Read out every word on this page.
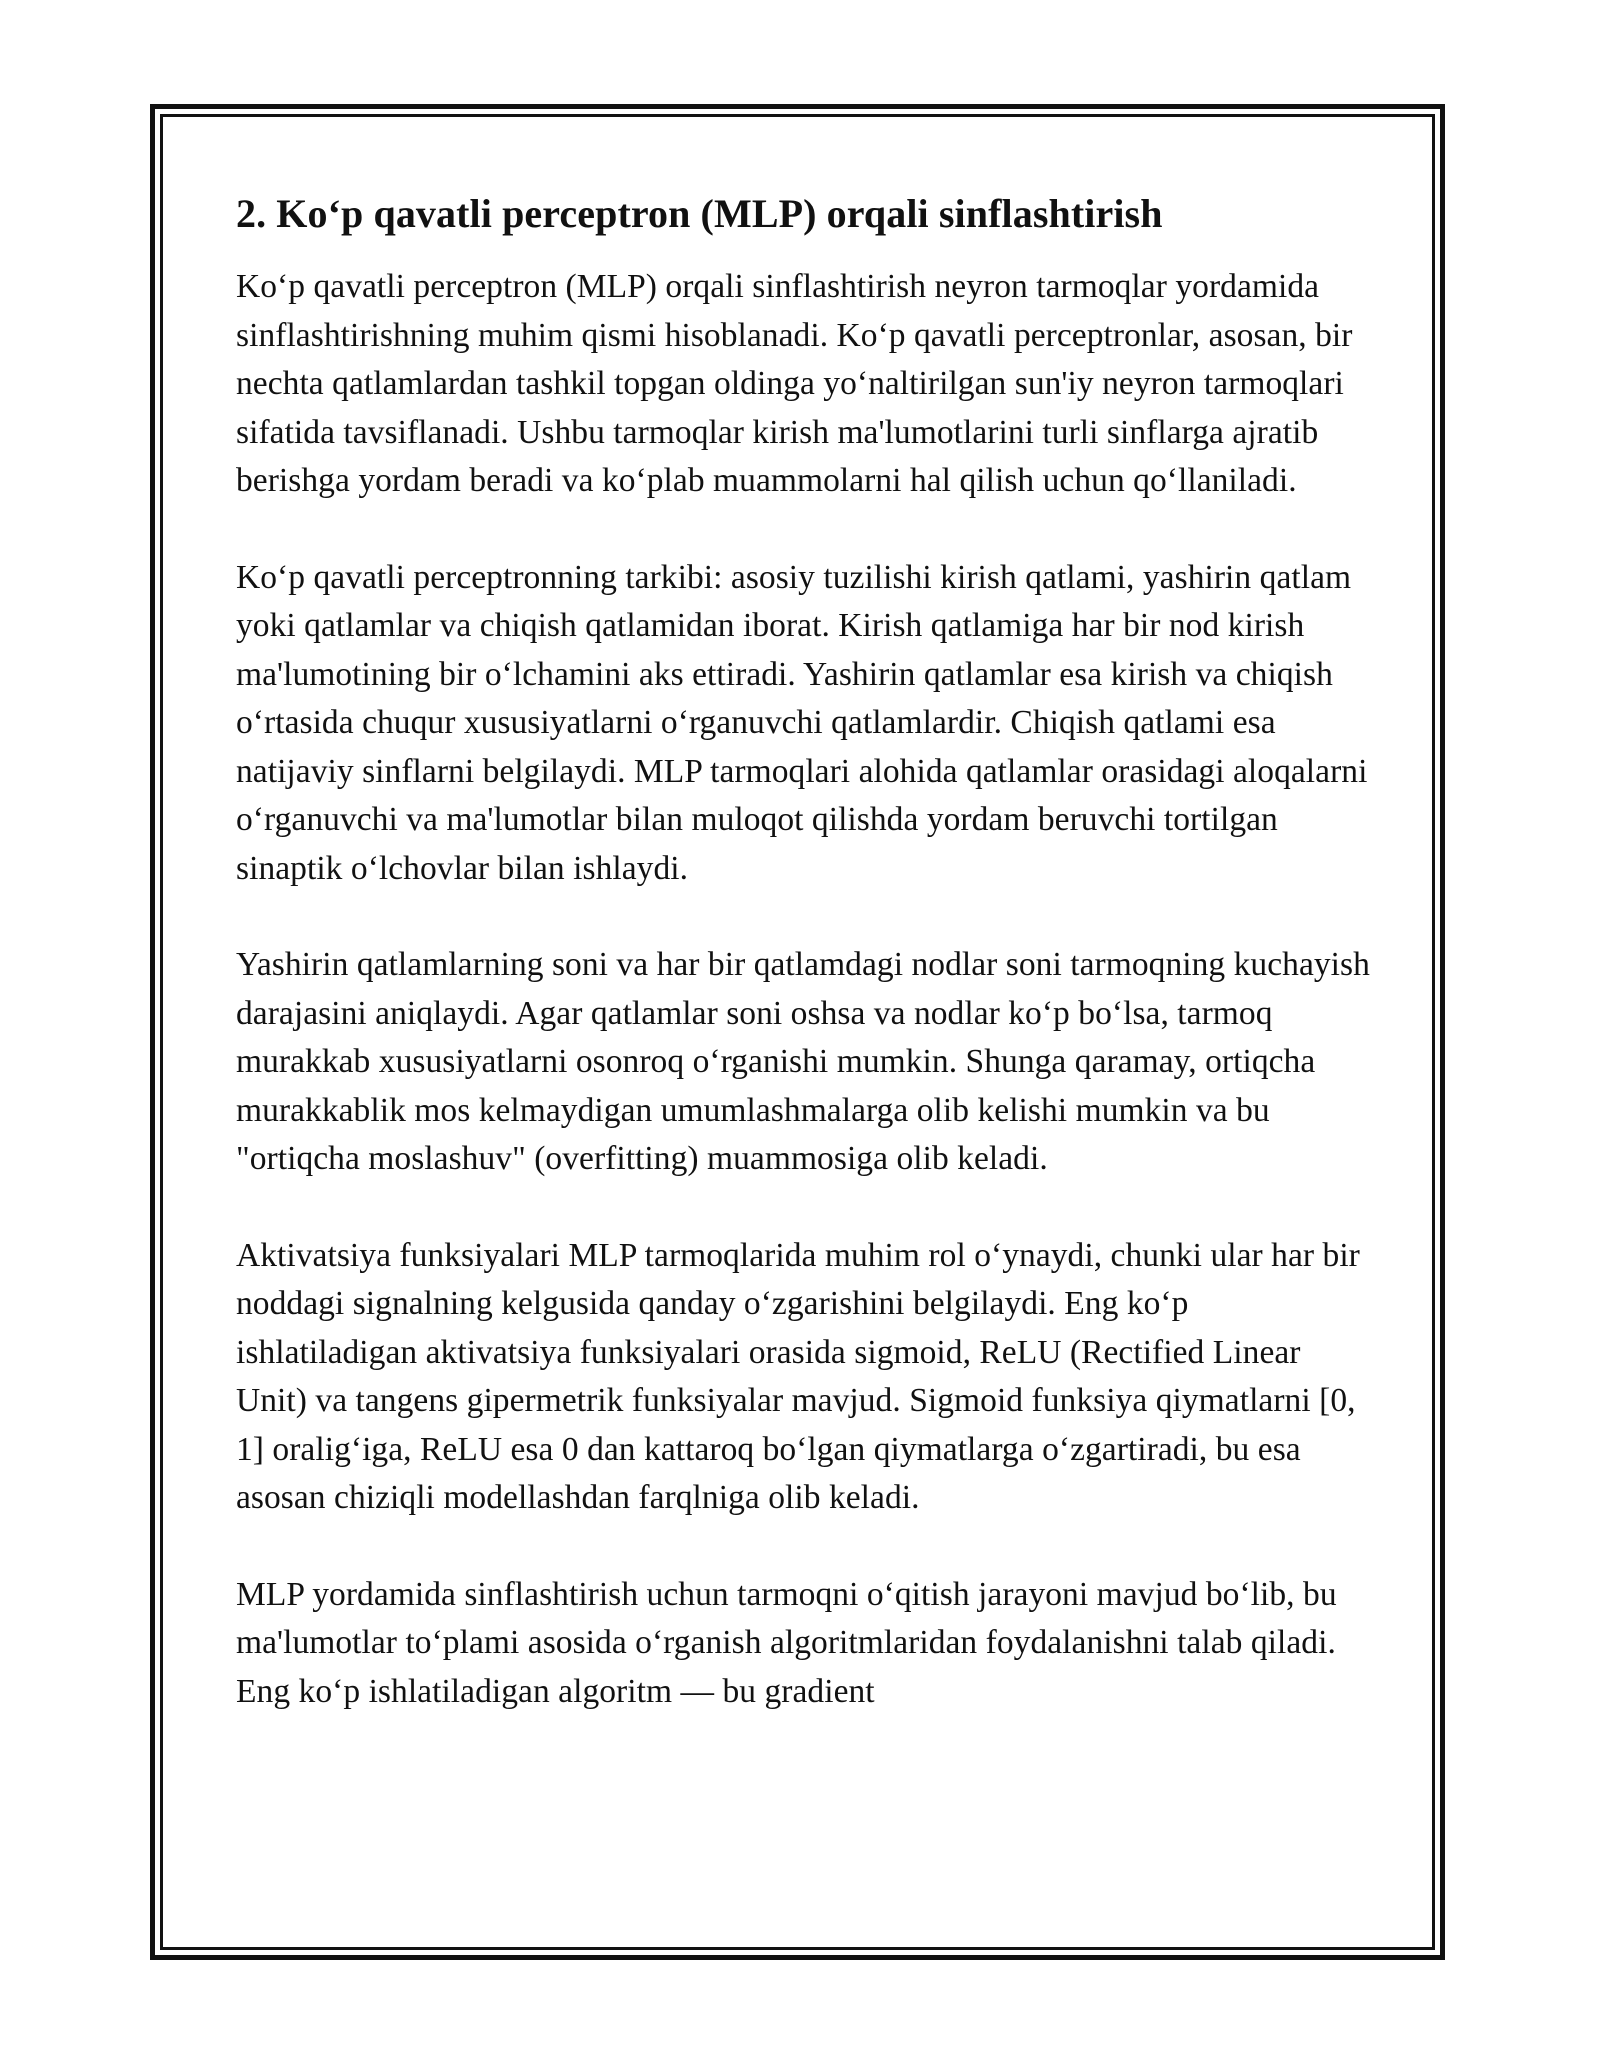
2. Ko‘p qavatli perceptron (MLP) orqali sinflashtirish

Ko‘p qavatli perceptron (MLP) orqali sinflashtirish neyron tarmoqlar yordamida sinflashtirishning muhim qismi hisoblanadi. Ko‘p qavatli perceptronlar, asosan, bir nechta qatlamlardan tashkil topgan oldinga yo‘naltirilgan sun'iy neyron tarmoqlari sifatida tavsiflanadi. Ushbu tarmoqlar kirish ma'lumotlarini turli sinflarga ajratib berishga yordam beradi va ko‘plab muammolarni hal qilish uchun qo‘llaniladi.

Ko‘p qavatli perceptronning tarkibi: asosiy tuzilishi kirish qatlami, yashirin qatlam yoki qatlamlar va chiqish qatlamidan iborat. Kirish qatlamiga har bir nod kirish ma'lumotining bir o‘lchamini aks ettiradi. Yashirin qatlamlar esa kirish va chiqish o‘rtasida chuqur xususiyatlarni o‘rganuvchi qatlamlardir. Chiqish qatlami esa natijaviy sinflarni belgilaydi. MLP tarmoqlari alohida qatlamlar orasidagi aloqalarni o‘rganuvchi va ma'lumotlar bilan muloqot qilishda yordam beruvchi tortilgan sinaptik o‘lchovlar bilan ishlaydi.

Yashirin qatlamlarning soni va har bir qatlamdagi nodlar soni tarmoqning kuchayish darajasini aniqlaydi. Agar qatlamlar soni oshsa va nodlar ko‘p bo‘lsa, tarmoq murakkab xususiyatlarni osonroq o‘rganishi mumkin. Shunga qaramay, ortiqcha murakkablik mos kelmaydigan umumlashmalarga olib kelishi mumkin va bu "ortiqcha moslashuv" (overfitting) muammosiga olib keladi.

Aktivatsiya funksiyalari MLP tarmoqlarida muhim rol o‘ynaydi, chunki ular har bir noddagi signalning kelgusida qanday o‘zgarishini belgilaydi. Eng ko‘p ishlatiladigan aktivatsiya funksiyalari orasida sigmoid, ReLU (Rectified Linear Unit) va tangens gipermetrik funksiyalar mavjud. Sigmoid funksiya qiymatlarni [0, 1] oralig‘iga, ReLU esa 0 dan kattaroq bo‘lgan qiymatlarga o‘zgartiradi, bu esa asosan chiziqli modellashdan farqlniga olib keladi.

MLP yordamida sinflashtirish uchun tarmoqni o‘qitish jarayoni mavjud bo‘lib, bu ma'lumotlar to‘plami asosida o‘rganish algoritmlaridan foydalanishni talab qiladi. Eng ko‘p ishlatiladigan algoritm — bu gradient
